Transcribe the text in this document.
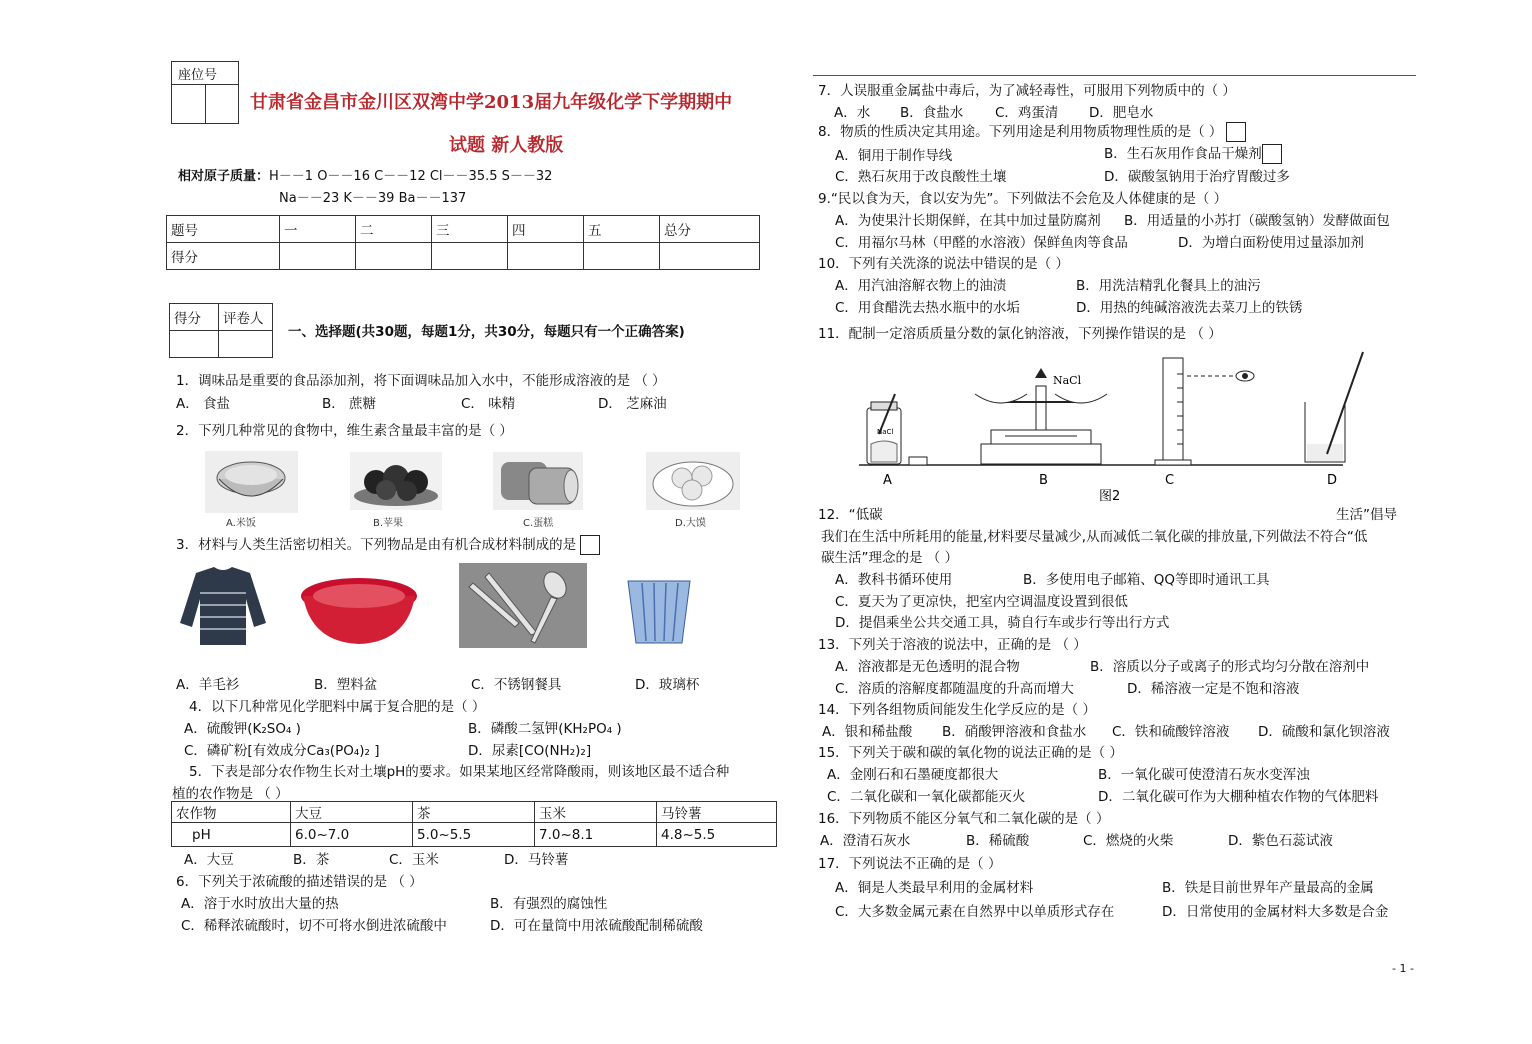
座位号
甘肃省金昌市金川区双湾中学2013届九年级化学下学期期中
试题 新人教版
相对原子质量：H－－1 O－－16 C－－12 Cl－－35.5 S－－32
Na－－23 K－－39 Ba－－137
题号	一	二	三	四	五	总分
得分						
得分	评卷人

一、选择题(共30题，每题1分，共30分，每题只有一个正确答案)
1．调味品是重要的食品添加剂，将下面调味品加入水中，不能形成溶液的是 （ ）
A． 食盐	B． 蔗糖	C． 味精	D． 芝麻油
2．下列几种常见的食物中，维生素含量最丰富的是（ ）
A.米饭	B.苹果	C.蛋糕	D.大馍
3．材料与人类生活密切相关。下列物品是由有机合成材料制成的是
A．羊毛衫	B．塑料盆	C．不锈钢餐具	D．玻璃杯
4．以下几种常见化学肥料中属于复合肥的是（ ）
A．硫酸钾(K₂SO₄ )	B．磷酸二氢钾(KH₂PO₄ )
C．磷矿粉[有效成分Ca₃(PO₄)₂ ]	D．尿素[CO(NH₂)₂]
5．下表是部分农作物生长对土壤pH的要求。如果某地区经常降酸雨，则该地区最不适合种
植的农作物是 （ ）
农作物	大豆	茶	玉米	马铃薯
pH	6.0~7.0	5.0~5.5	7.0~8.1	4.8~5.5
A．大豆	B．茶	C．玉米	D．马铃薯
6．下列关于浓硫酸的描述错误的是 （ ）
A．溶于水时放出大量的热	B．有强烈的腐蚀性
C．稀释浓硫酸时，切不可将水倒进浓硫酸中	D．可在量筒中用浓硫酸配制稀硫酸
7．人误服重金属盐中毒后，为了减轻毒性，可服用下列物质中的（ ）
A．水 B．食盐水 C．鸡蛋清 D．肥皂水
8．物质的性质决定其用途。下列用途是利用物质物理性质的是（ ）
A．铜用于制作导线	B．生石灰用作食品干燥剂
C．熟石灰用于改良酸性土壤	D．碳酸氢钠用于治疗胃酸过多
9.“民以食为天，食以安为先”。下列做法不会危及人体健康的是（ ）
A．为使果汁长期保鲜，在其中加过量防腐剂 B．用适量的小苏打（碳酸氢钠）发酵做面包
C．用福尔马林（甲醛的水溶液）保鲜鱼肉等食品	D．为增白面粉使用过量添加剂
10．下列有关洗涤的说法中错误的是（ ）
A．用汽油溶解衣物上的油渍	B．用洗洁精乳化餐具上的油污
C．用食醋洗去热水瓶中的水垢	D．用热的纯碱溶液洗去菜刀上的铁锈
11．配制一定溶质质量分数的氯化钠溶液，下列操作错误的是 （ ）
NaCl
NaCl
A	B	C	D
图2
12．“低碳	生活”倡导
我们在生活中所耗用的能量,材料要尽量减少,从而减低二氧化碳的排放量,下列做法不符合“低
碳生活”理念的是 （ ）
A．教科书循环使用	B．多使用电子邮箱、QQ等即时通讯工具
C．夏天为了更凉快，把室内空调温度设置到很低
D．提倡乘坐公共交通工具，骑自行车或步行等出行方式
13．下列关于溶液的说法中，正确的是 （ ）
A．溶液都是无色透明的混合物	B．溶质以分子或离子的形式均匀分散在溶剂中
C．溶质的溶解度都随温度的升高而增大	D．稀溶液一定是不饱和溶液
14．下列各组物质间能发生化学反应的是（ ）
A．银和稀盐酸 B．硝酸钾溶液和食盐水 C．铁和硫酸锌溶液 D．硫酸和氯化钡溶液
15．下列关于碳和碳的氧化物的说法正确的是（ ）
A．金刚石和石墨硬度都很大	B．一氧化碳可使澄清石灰水变浑浊
C．二氧化碳和一氧化碳都能灭火	D．二氧化碳可作为大棚种植农作物的气体肥料
16．下列物质不能区分氧气和二氧化碳的是（ ）
A．澄清石灰水	B．稀硫酸	C．燃烧的火柴	D．紫色石蕊试液
17．下列说法不正确的是（ ）
A．铜是人类最早利用的金属材料	B．铁是目前世界年产量最高的金属
C．大多数金属元素在自然界中以单质形式存在	D．日常使用的金属材料大多数是合金
- 1 -
